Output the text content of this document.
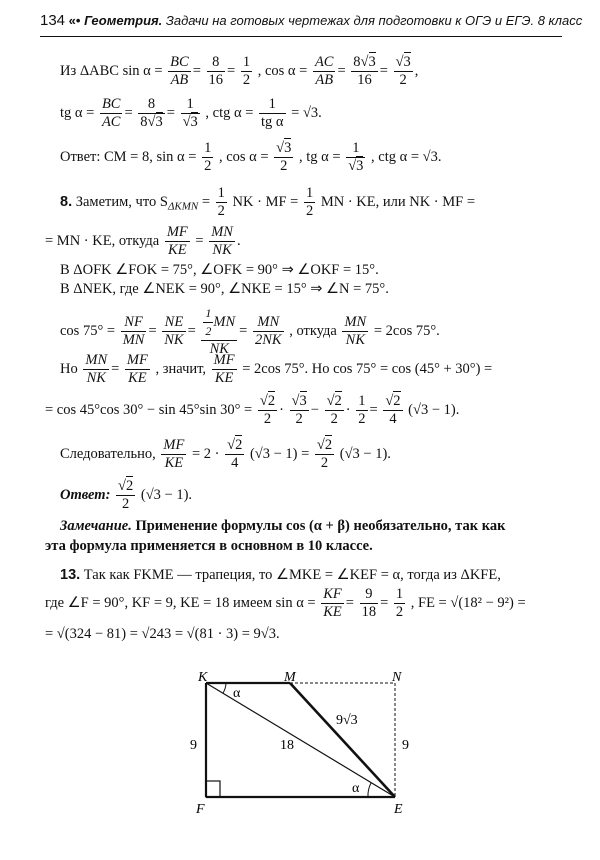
134 «• Геометрия. Задачи на готовых чертежах для подготовки к ОГЭ и ЕГЭ. 8 класс
Из ΔABC $\sin \alpha = \frac{BC}{AB} = \frac{8}{16} = \frac{1}{2}$ , $\cos \alpha = \frac{AC}{AB} = \frac{8√3}{16} = \frac{√3}{2}$ ,
tg $\alpha = \frac{BC}{AC} = \frac{8}{8√3} = \frac{1}{√3}$ , ctg $\alpha = \frac{1}{\text{tg α}} = √3$.
Ответ: CM = 8, $\sin \alpha = \frac{1}{2}$ , $\cos \alpha = \frac{√3}{2}$ , tg $\alpha = \frac{1}{√3}$ , ctg α = √3.
8. Заметим, что $S_{\Delta KMN} = \frac{1}{2}$ NK · MF = $\frac{1}{2}$ MN · KE, или NK · MF =
= MN · KE, откуда $\frac{MF}{KE} = \frac{MN}{NK}$ .
В ΔOFK ∠FOK = 75°, ∠OFK = 90° ⇒ ∠OKF = 15°.
В ΔNEK, где ∠NEK = 90°, ∠NKE = 15° ⇒ ∠N = 75°.
$\cos 75^\circ = \frac{NF}{MN} = \frac{NE}{NK} = \frac{\frac{1}{2} MN}{NK} = \frac{MN}{2NK}$ , откуда $\frac{MN}{NK} = 2\cos$ 75°.
Но $\frac{MN}{NK} = \frac{MF}{KE}$ , значит, $\frac{MF}{KE} = 2\cos$ 75°. Но cos 75° = cos (45° + 30°) =
= cos 45°cos 30° − sin 45°sin $30^\circ = \frac{√2}{2} \cdot \frac{√3}{2} - \frac{√2}{2} \cdot \frac{1}{2} = \frac{√2}{4} (√3 - 1)$.
Следовательно, $\frac{MF}{KE} = 2 \cdot \frac{√2}{4} (√3 - 1) = \frac{√2}{2} (√3 - 1)$.
Ответ: $\frac{√2}{2} (√3 - 1)$.
Замечание. Применение формулы cos (α + β) необязательно, так как
эта формула применяется в основном в 10 классе.
13. Так как FKME — трапеция, то ∠MKE = ∠KEF = α, тогда из ΔKFE,
где ∠F = 90°, KF = 9, KE = 18 имеем $\sin \alpha = \frac{KF}{KE} = \frac{9}{18} = \frac{1}{2}$ , FE = √(18² − 9²) =
= √(324 − 81) = √243 = √(81 · 3) = 9√3.
K	M	N
F	E
α
α
9	18
9√3
9
